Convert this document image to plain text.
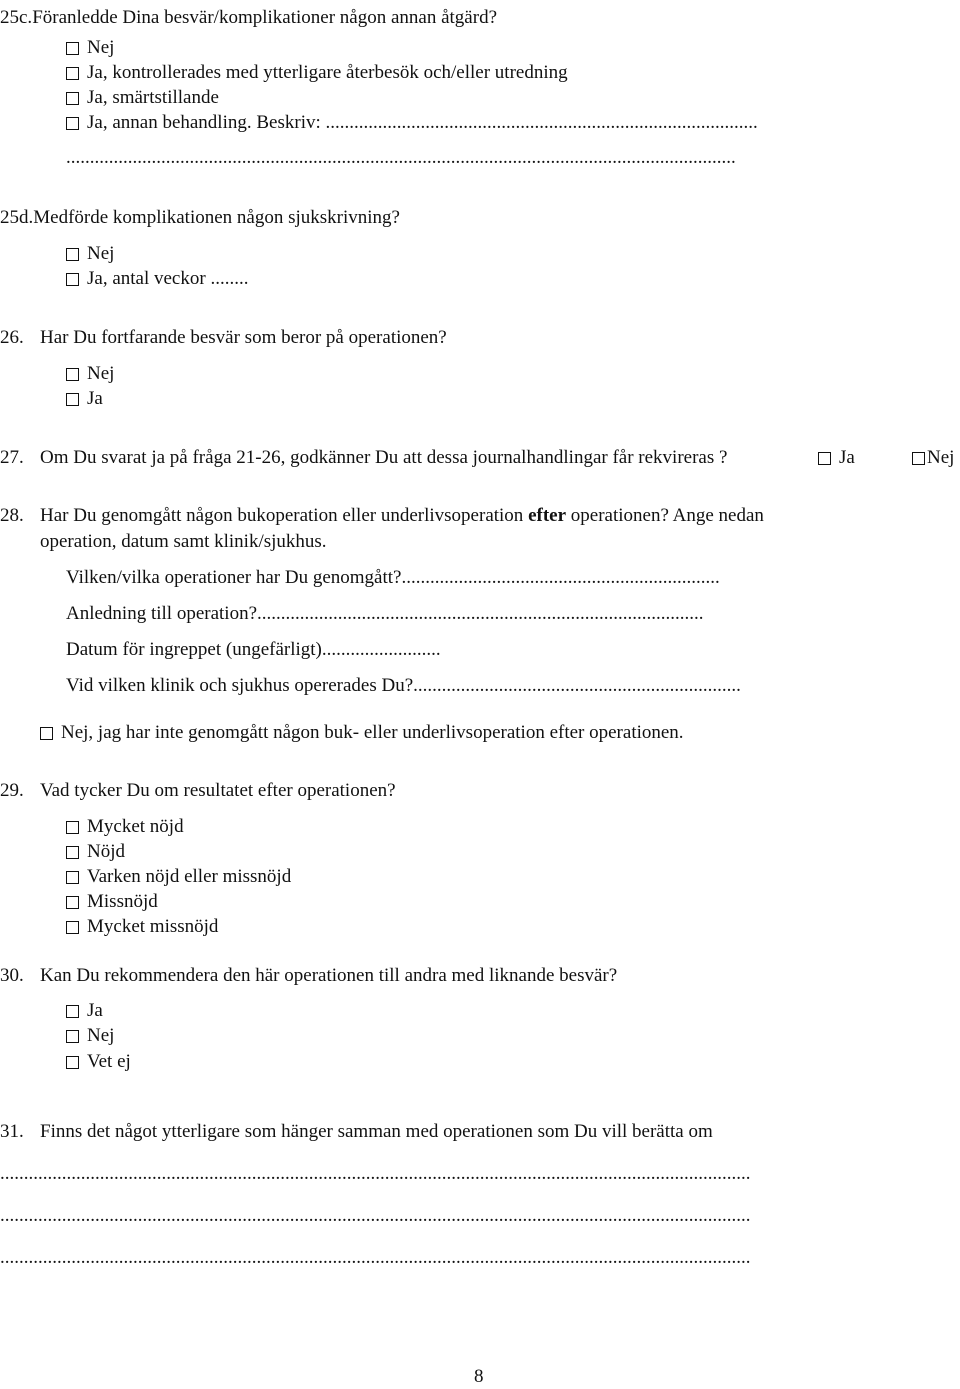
25c.Föranledde Dina besvär/komplikationer någon annan åtgärd?
Nej
Ja, kontrollerades med ytterligare återbesök och/eller utredning
Ja, smärtstillande
Ja, annan behandling. Beskriv: ...........................................................................................
.............................................................................................................................................
25d.Medförde komplikationen någon sjukskrivning?
Nej
Ja, antal veckor ........
26. Har Du fortfarande besvär som beror på operationen?
Nej
Ja
27. Om Du svarat ja på fråga 21-26, godkänner Du att dessa journalhandlingar får rekvireras ?	Ja	Nej
28. Har Du genomgått någon bukoperation eller underlivsoperation efter operationen? Ange nedan
operation, datum samt klinik/sjukhus.
Vilken/vilka operationer har Du genomgått?...................................................................
Anledning till operation?..............................................................................................
Datum för ingreppet (ungefärligt).........................
Vid vilken klinik och sjukhus opererades Du?.....................................................................
Nej, jag har inte genomgått någon buk- eller underlivsoperation efter operationen.
29. Vad tycker Du om resultatet efter operationen?
Mycket nöjd
Nöjd
Varken nöjd eller missnöjd
Missnöjd
Mycket missnöjd
30. Kan Du rekommendera den här operationen till andra med liknande besvär?
Ja
Nej
Vet ej
31. Finns det något ytterligare som hänger samman med operationen som Du vill berätta om
..............................................................................................................................................................
..............................................................................................................................................................
..............................................................................................................................................................
8
